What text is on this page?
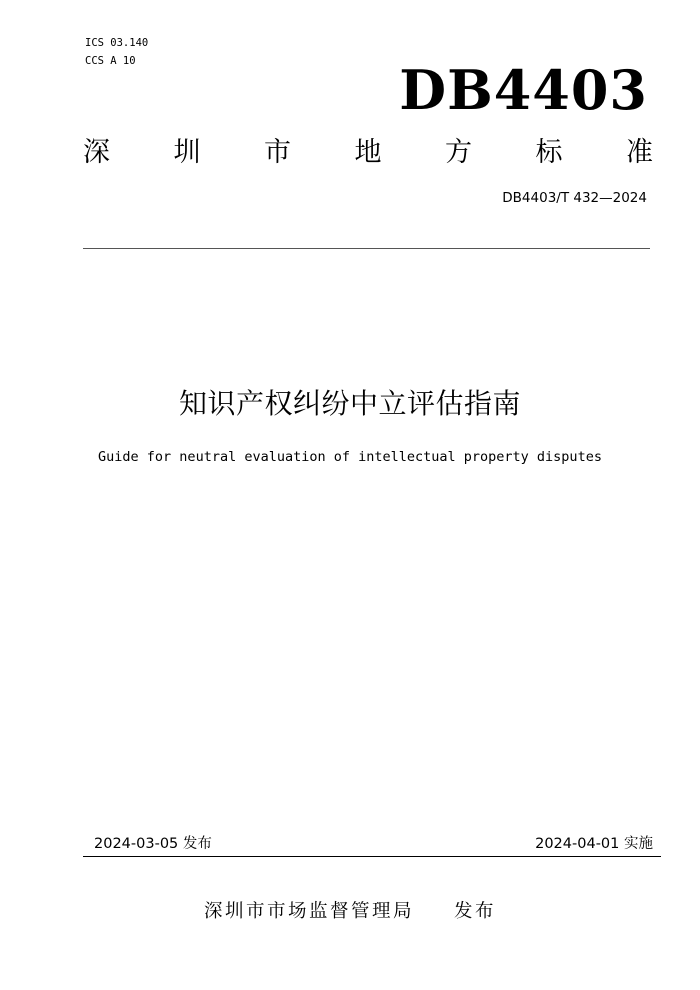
ICS 03.140
CCS A 10	DB4403
深 圳 市 地 方 标 准
DB4403/T 432—2024
知识产权纠纷中立评估指南
Guide for neutral evaluation of intellectual property disputes
2024-03-05 发布	2024-04-01 实施
深圳市市场监督管理局 发布
